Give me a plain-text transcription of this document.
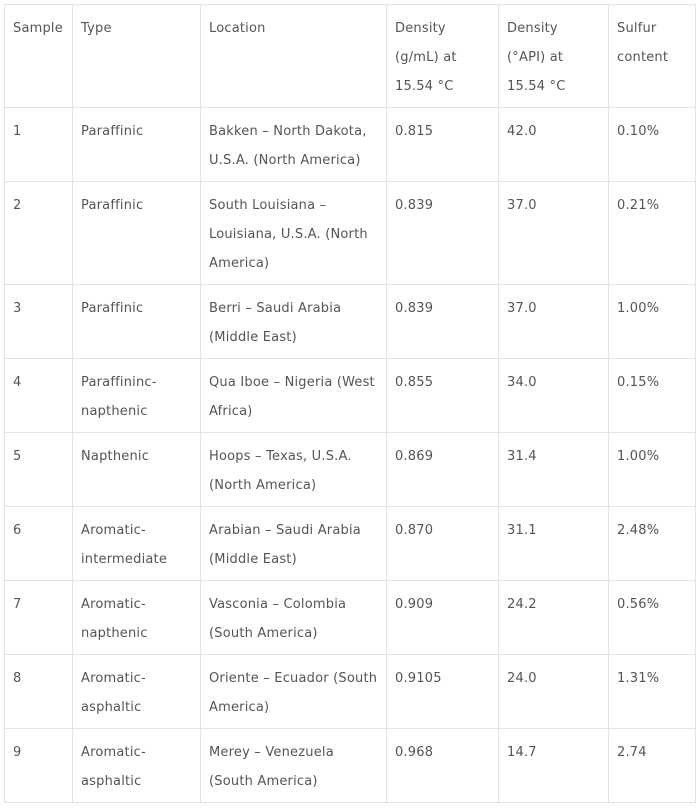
Sample	Type	Location	Density (g/mL) at 15.54 °C	Density (°API) at 15.54 °C	Sulfur content
1	Paraffinic	Bakken – North Dakota, U.S.A. (North America)	0.815	42.0	0.10%
2	Paraffinic	South Louisiana – Louisiana, U.S.A. (North America)	0.839	37.0	0.21%
3	Paraffinic	Berri – Saudi Arabia (Middle East)	0.839	37.0	1.00%
4	Paraffininc-napthenic	Qua Iboe – Nigeria (West Africa)	0.855	34.0	0.15%
5	Napthenic	Hoops – Texas, U.S.A. (North America)	0.869	31.4	1.00%
6	Aromatic-intermediate	Arabian – Saudi Arabia (Middle East)	0.870	31.1	2.48%
7	Aromatic-napthenic	Vasconia – Colombia (South America)	0.909	24.2	0.56%
8	Aromatic-asphaltic	Oriente – Ecuador (South America)	0.9105	24.0	1.31%
9	Aromatic-asphaltic	Merey – Venezuela (South America)	0.968	14.7	2.74
